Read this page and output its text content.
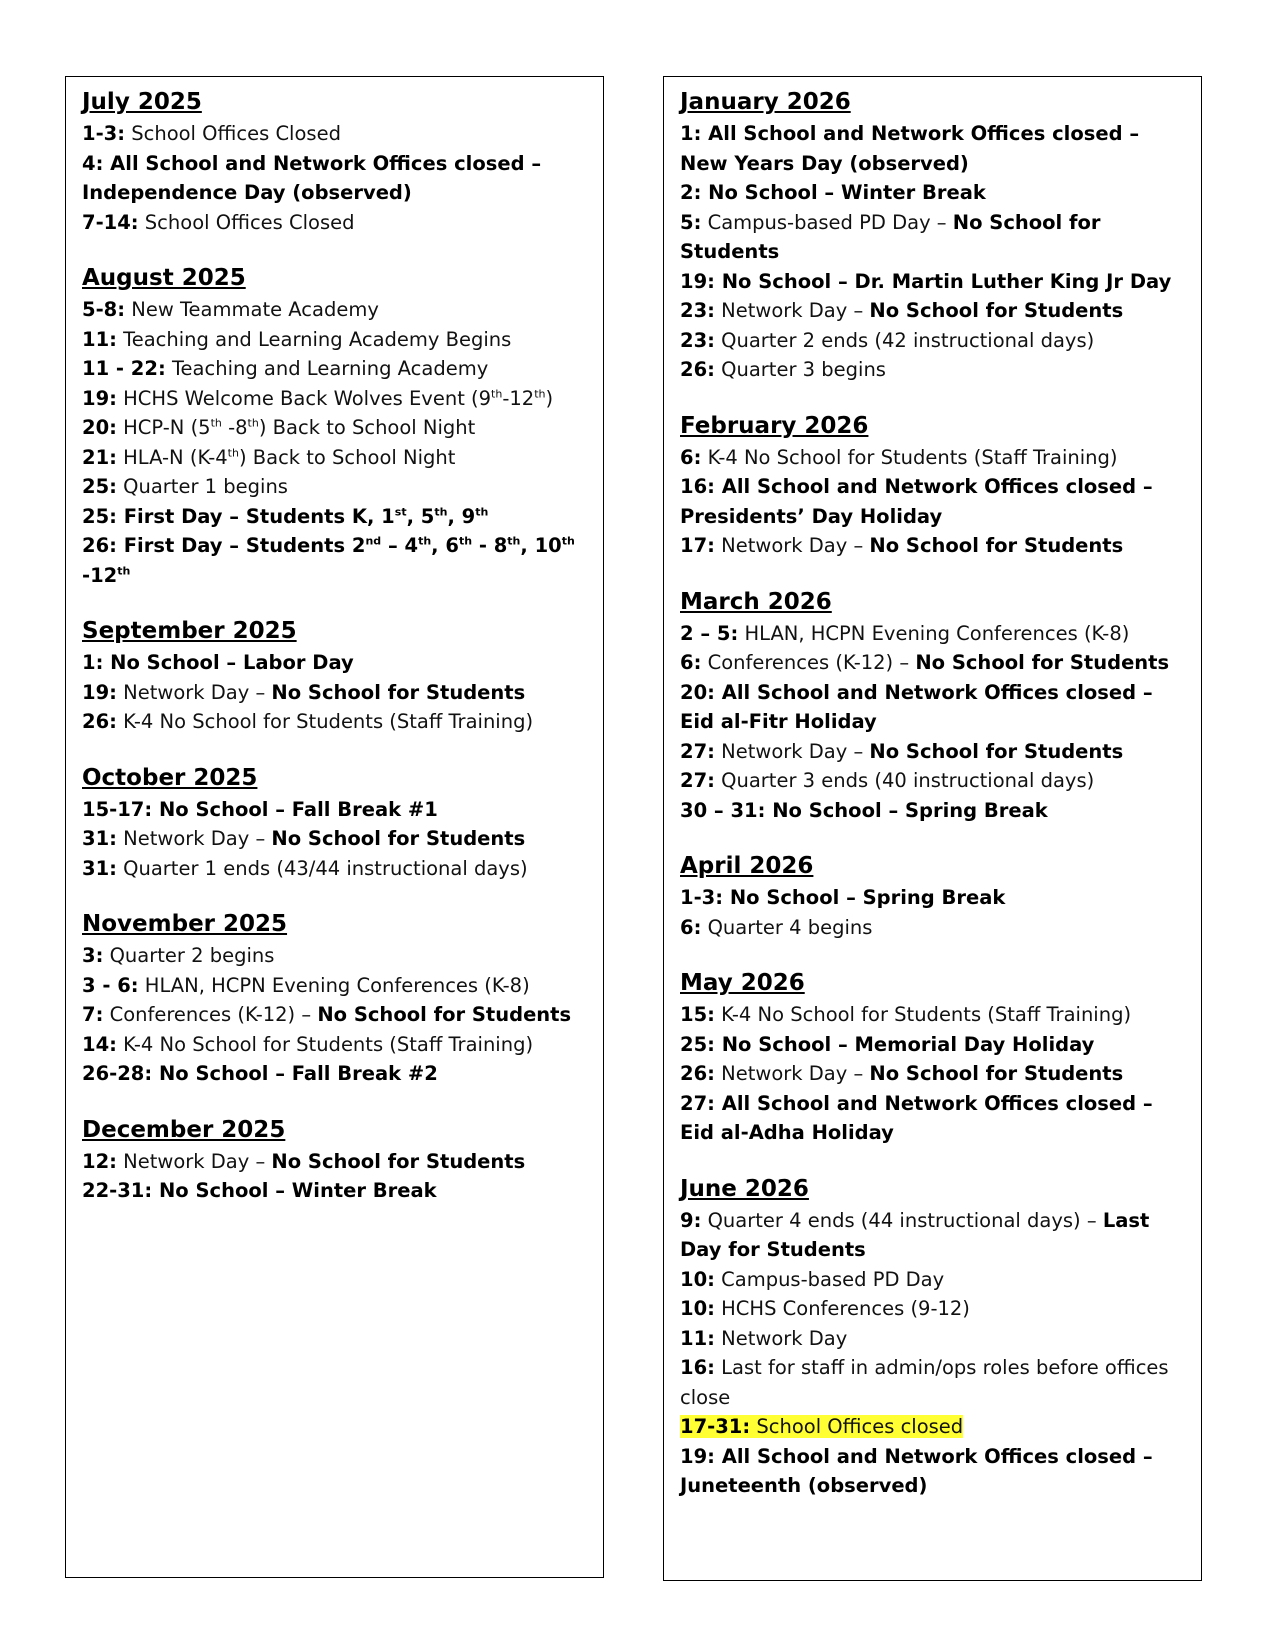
July 2025
1-3: School Offices Closed
4: All School and Network Offices closed – Independence Day (observed)
7-14: School Offices Closed
August 2025
5-8: New Teammate Academy
11: Teaching and Learning Academy Begins
11 - 22: Teaching and Learning Academy
19: HCHS Welcome Back Wolves Event (9th-12th)
20: HCP-N (5th -8th) Back to School Night
21: HLA-N (K-4th) Back to School Night
25: Quarter 1 begins
25: First Day – Students K, 1st, 5th, 9th
26: First Day – Students 2nd – 4th, 6th - 8th, 10th -12th
September 2025
1: No School – Labor Day
19: Network Day – No School for Students
26: K-4 No School for Students (Staff Training)
October 2025
15-17: No School – Fall Break #1
31: Network Day – No School for Students
31: Quarter 1 ends (43/44 instructional days)
November 2025
3: Quarter 2 begins
3 - 6: HLAN, HCPN Evening Conferences (K-8)
7: Conferences (K-12) – No School for Students
14: K-4 No School for Students (Staff Training)
26-28: No School – Fall Break #2
December 2025
12: Network Day – No School for Students
22-31: No School – Winter Break
January 2026
1: All School and Network Offices closed – New Years Day (observed)
2: No School – Winter Break
5: Campus-based PD Day – No School for Students
19: No School – Dr. Martin Luther King Jr Day
23: Network Day – No School for Students
23: Quarter 2 ends (42 instructional days)
26: Quarter 3 begins
February 2026
6: K-4 No School for Students (Staff Training)
16: All School and Network Offices closed – Presidents’ Day Holiday
17: Network Day – No School for Students
March 2026
2 – 5: HLAN, HCPN Evening Conferences (K-8)
6: Conferences (K-12) – No School for Students
20: All School and Network Offices closed – Eid al-Fitr Holiday
27: Network Day – No School for Students
27: Quarter 3 ends (40 instructional days)
30 – 31: No School – Spring Break
April 2026
1-3: No School – Spring Break
6: Quarter 4 begins
May 2026
15: K-4 No School for Students (Staff Training)
25: No School – Memorial Day Holiday
26: Network Day – No School for Students
27: All School and Network Offices closed – Eid al-Adha Holiday
June 2026
9: Quarter 4 ends (44 instructional days) – Last Day for Students
10: Campus-based PD Day
10: HCHS Conferences (9-12)
11: Network Day
16: Last for staff in admin/ops roles before offices close
17-31: School Offices closed
19: All School and Network Offices closed – Juneteenth (observed)
